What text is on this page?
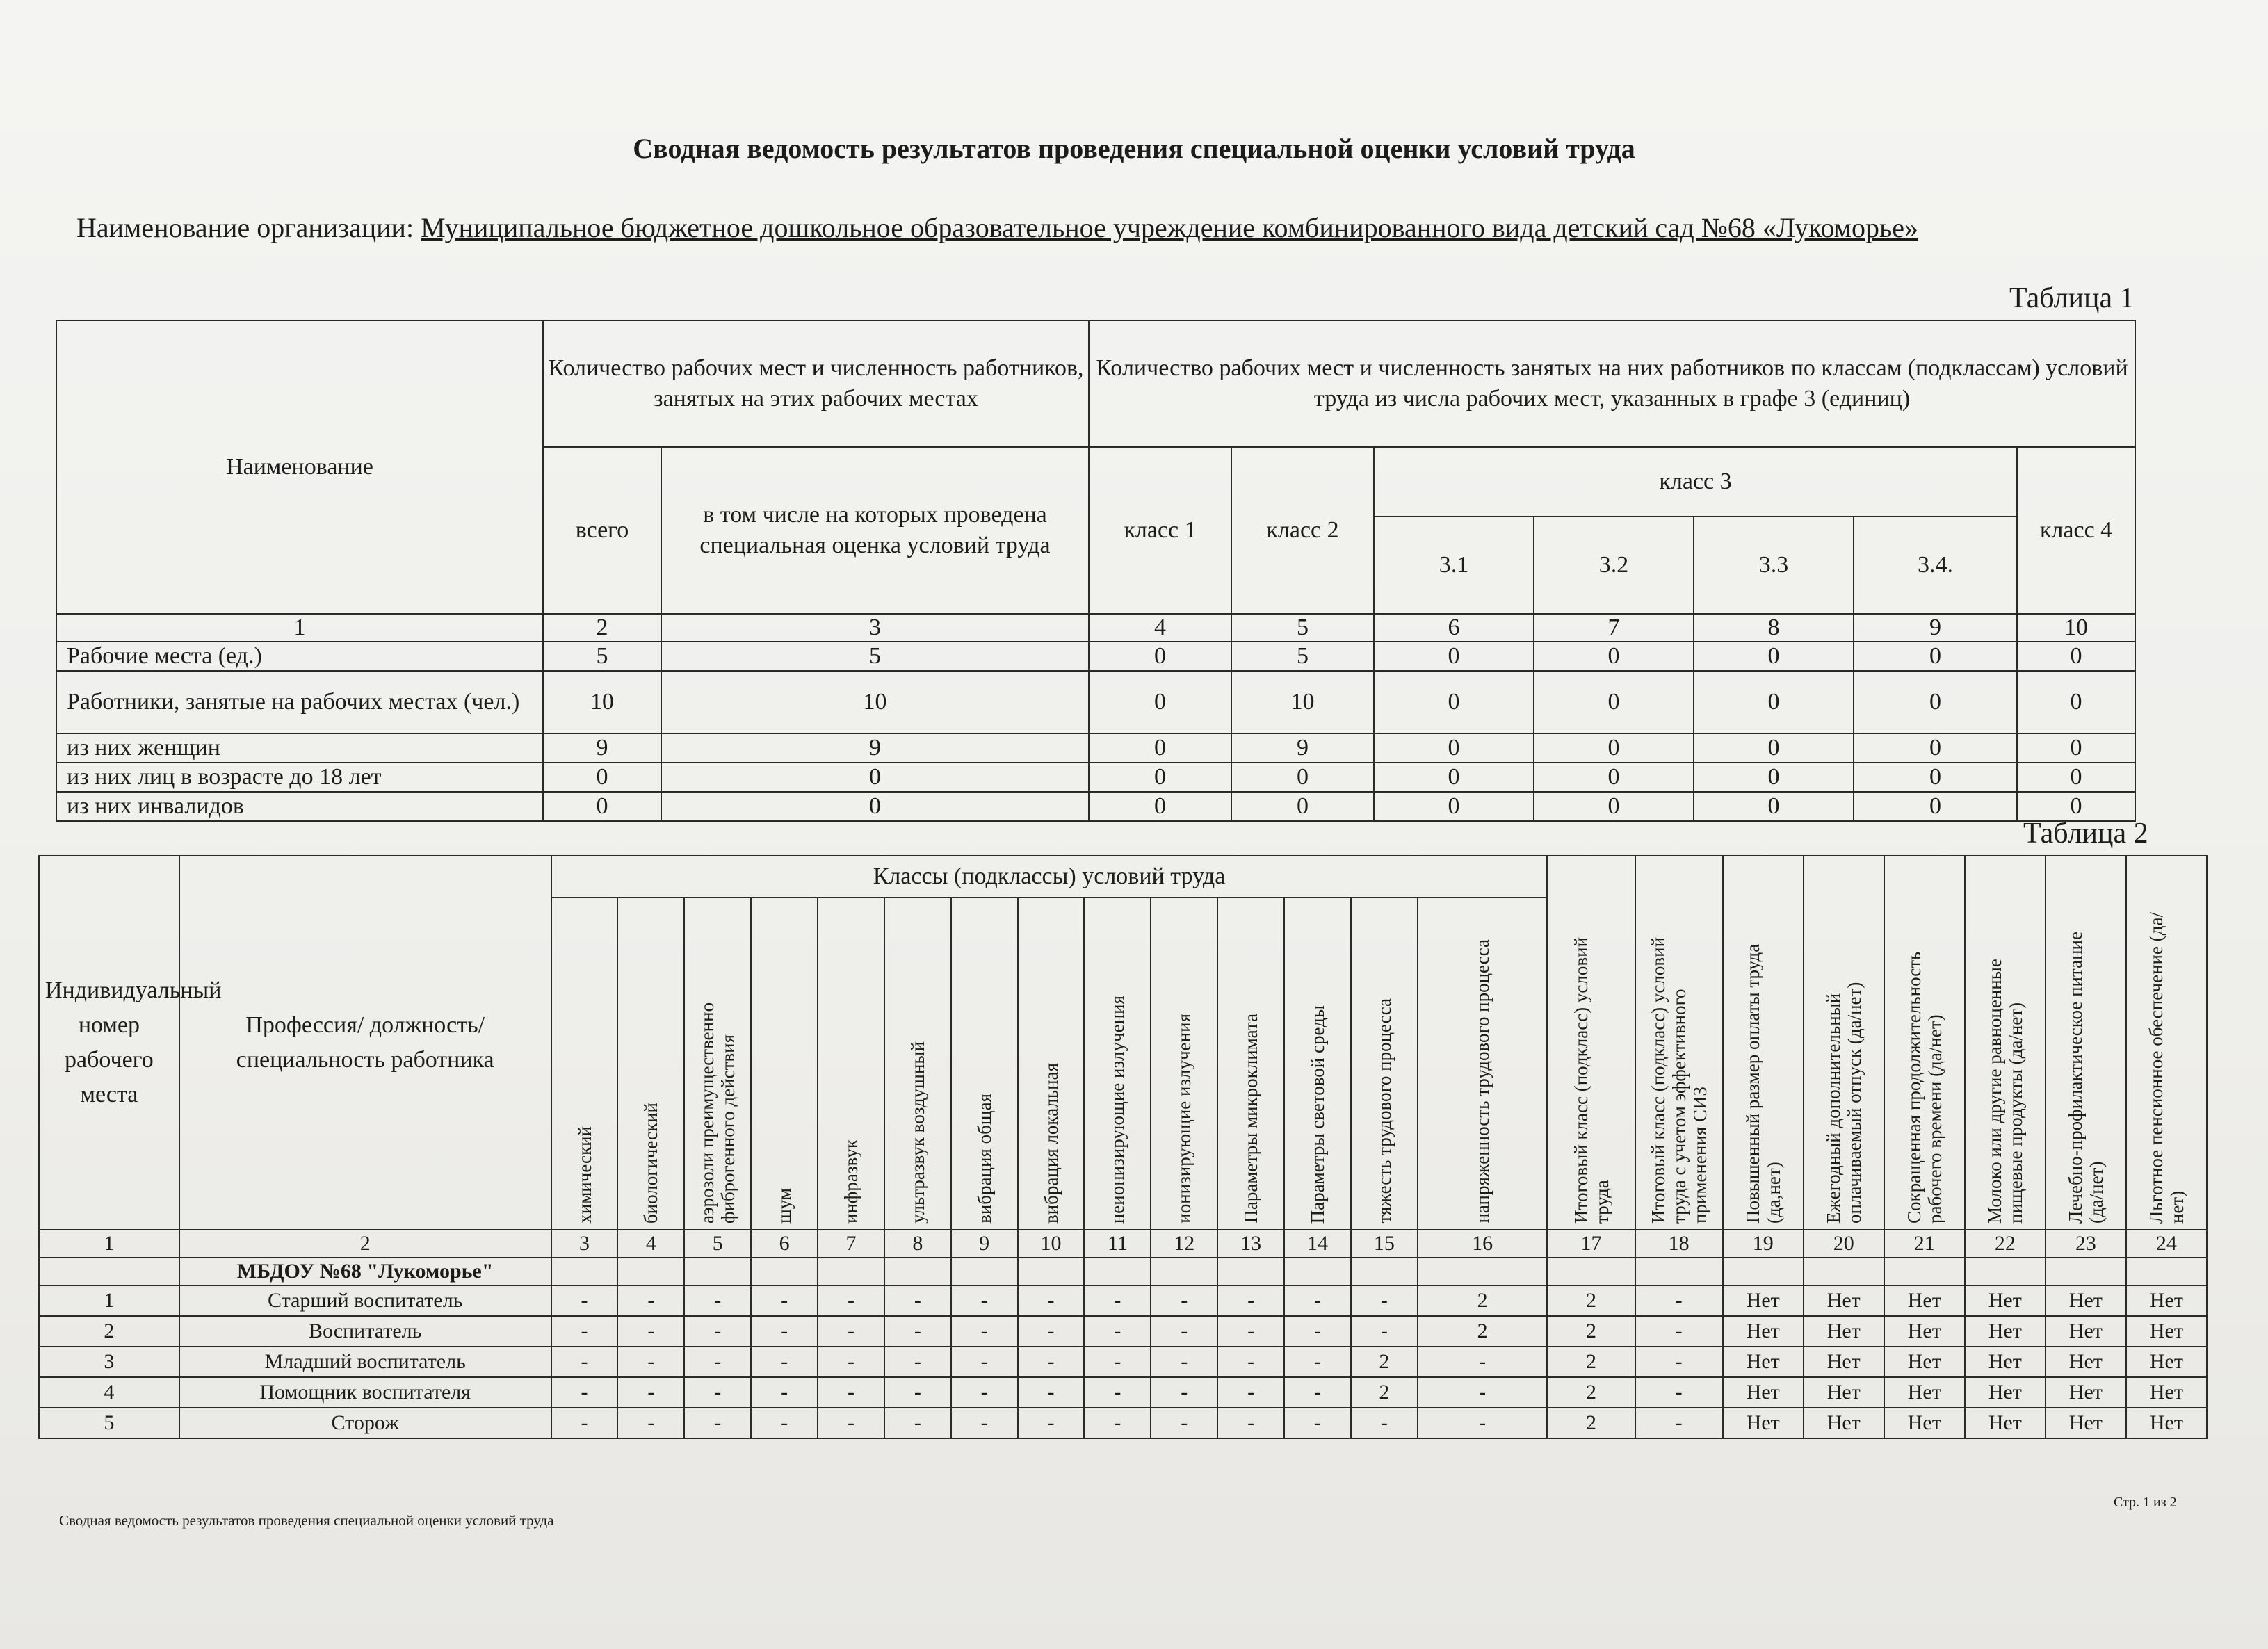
Сводная ведомость результатов проведения специальной оценки условий труда
Наименование организации: Муниципальное бюджетное дошкольное образовательное учреждение комбинированного вида детский сад №68 «Лукоморье»
Таблица 1
Наименование	Количество рабочих мест и численность работников, занятых на этих рабочих местах		Количество рабочих мест и численность занятых на них работников по классам (подклассам) условий труда из числа рабочих мест, указанных в графе 3 (единиц)						
	всего	в том числе на которых проведена специальная оценка условий труда	класс 1	класс 2	класс 3				класс 4
					3.1	3.2	3.3	3.4.	
1	2	3	4	5	6	7	8	9	10
Рабочие места (ед.)	5	5	0	5	0	0	0	0	0
Работники, занятые на рабочих местах (чел.)	10	10	0	10	0	0	0	0	0
из них женщин	9	9	0	9	0	0	0	0	0
из них лиц в возрасте до 18 лет	0	0	0	0	0	0	0	0	0
из них инвалидов	0	0	0	0	0	0	0	0	0
Таблица 2
Индивидуальный номер рабочего места	Профессия/ должность/ специальность работника	Классы (подклассы) условий труда														Итоговый класс (подкласс) условий труда	Итоговый класс (подкласс) условий труда с учетом эффективного применения СИЗ	Повышенный размер оплаты труда (да,нет)	Ежегодный дополнительный оплачиваемый отпуск (да/нет)	Сокращенная продолжительность рабочего времени (да/нет)	Молоко или другие равноценные пищевые продукты (да/нет)	Лечебно-профилактическое питание (да/нет)	Льготное пенсионное обеспечение (да/нет)

		химический	биологический	аэрозоли преимущественно фиброгенного действия	шум	инфразвук	ультразвук воздушный	вибрация общая	вибрация локальная	неионизирующие излучения	ионизирующие излучения	Параметры микроклимата	Параметры световой среды	тяжесть трудового процесса	напряженность трудового процесса								

1	2	3	4	5	6	7	8	9	10	11	12	13	14	15	16	17	18	19	20	21	22	23	24
	МБДОУ №68 "Лукоморье"																						
1	Старший воспитатель	-	-	-	-	-	-	-	-	-	-	-	-	-	2	2	-	Нет	Нет	Нет	Нет	Нет	Нет
2	Воспитатель	-	-	-	-	-	-	-	-	-	-	-	-	-	2	2	-	Нет	Нет	Нет	Нет	Нет	Нет
3	Младший воспитатель	-	-	-	-	-	-	-	-	-	-	-	-	2	-	2	-	Нет	Нет	Нет	Нет	Нет	Нет
4	Помощник воспитателя	-	-	-	-	-	-	-	-	-	-	-	-	2	-	2	-	Нет	Нет	Нет	Нет	Нет	Нет
5	Сторож	-	-	-	-	-	-	-	-	-	-	-	-	-	-	2	-	Нет	Нет	Нет	Нет	Нет	Нет
Сводная ведомость результатов проведения специальной оценки условий труда
Стр. 1 из 2
